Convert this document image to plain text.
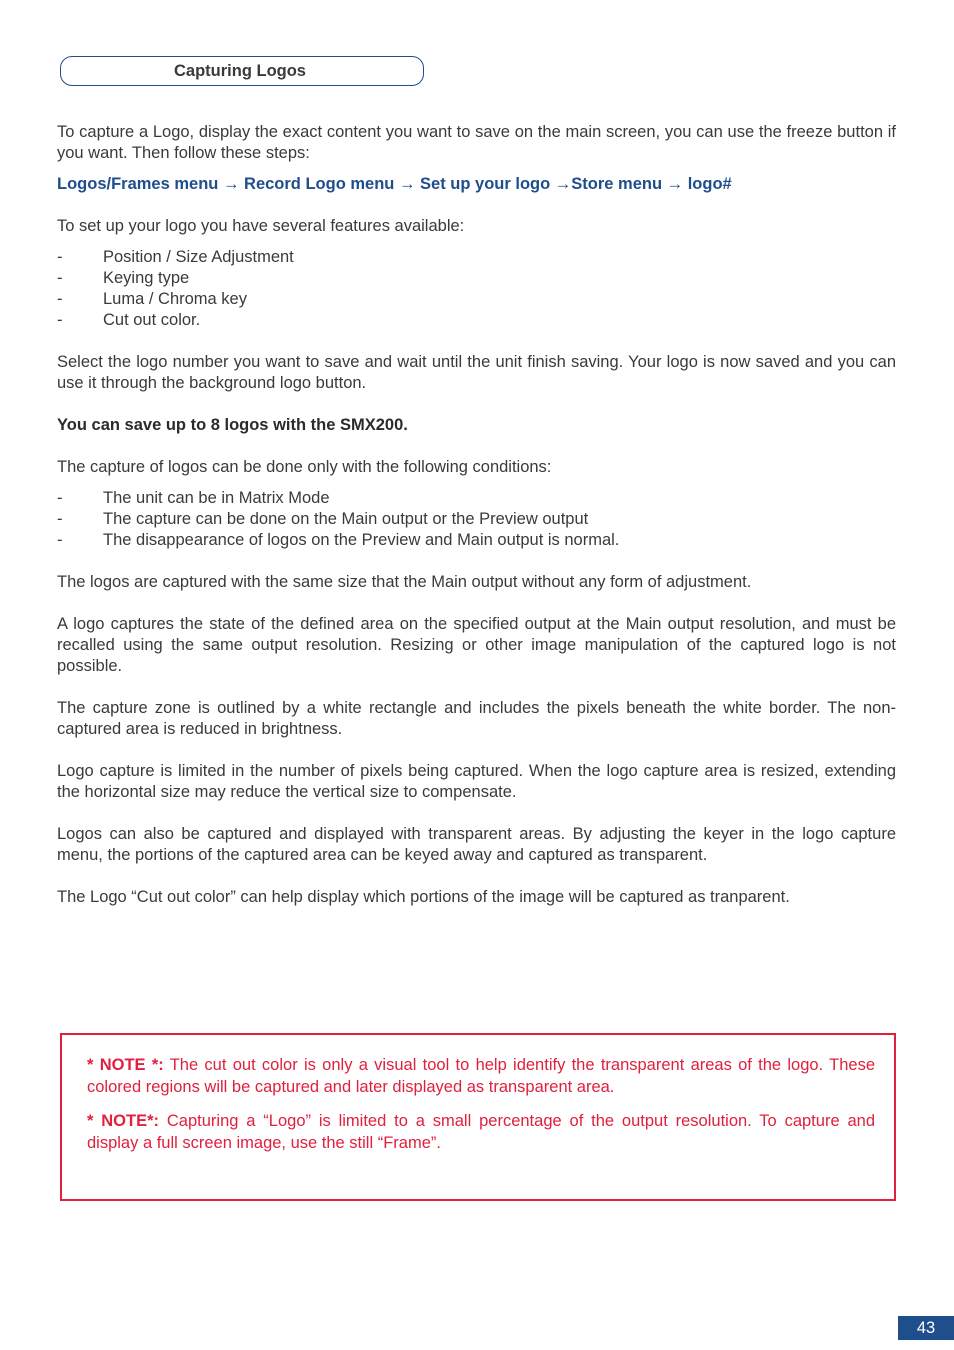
Capturing Logos

To capture a Logo, display the exact content you want to save on the main screen, you can use the freeze button if you want. Then follow these steps:

Logos/Frames menu → Record Logo menu → Set up your logo →Store menu → logo#

To set up your logo you have several features available:

- Position / Size Adjustment
- Keying type
- Luma / Chroma key
- Cut out color.

Select the logo number you want to save and wait until the unit finish saving. Your logo is now saved and you can use it through the background logo button.

You can save up to 8 logos with the SMX200.

The capture of logos can be done only with the following conditions:

- The unit can be in Matrix Mode
- The capture can be done on the Main output or the Preview output
- The disappearance of logos on the Preview and Main output is normal.

The logos are captured with the same size that the Main output without any form of adjustment.

A logo captures the state of the defined area on the specified output at the Main output resolution, and must be recalled using the same output resolution. Resizing or other image manipulation of the captured logo is not possible.

The capture zone is outlined by a white rectangle and includes the pixels beneath the white border. The non-captured area is reduced in brightness.

Logo capture is limited in the number of pixels being captured. When the logo capture area is resized, extending the horizontal size may reduce the vertical size to compensate.

Logos can also be captured and displayed with transparent areas. By adjusting the keyer in the logo capture menu, the portions of the captured area can be keyed away and captured as transparent.

The Logo “Cut out color” can help display which portions of the image will be captured as tranparent.

* NOTE *: The cut out color is only a visual tool to help identify the transparent areas of the logo. These colored regions will be captured and later displayed as transparent area.

* NOTE*: Capturing a “Logo” is limited to a small percentage of the output resolution. To capture and display a full screen image, use the still “Frame”.

43
